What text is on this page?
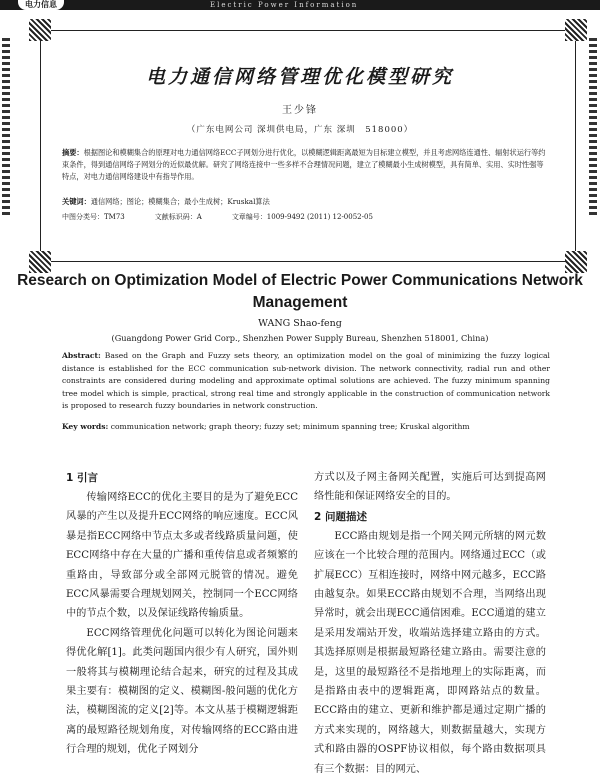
电力信息	Electric Power Information
电力通信网络管理优化模型研究
王少锋
（广东电网公司 深圳供电局，广东 深圳　518000）
摘要：根据图论和模糊集合的原理对电力通信网络ECC子网划分进行优化，以模糊逻辑距离最短为目标建立模型，并且考虑网络连通性、辐射状运行等约束条件，得到通信网络子网划分的近似最优解。研究了网络连接中一些多样不合理情况问题，建立了模糊最小生成树模型，具有简单、实用、实时性强等特点，对电力通信网络建设中有指导作用。
关键词：通信网络；图论；模糊集合；最小生成树；Kruskal算法
中图分类号：TM73	文献标识码：A	文章编号：1009-9492 (2011) 12-0052-05
Research on Optimization Model of Electric Power Communications Network Management
WANG Shao-feng
(Guangdong Power Grid Corp., Shenzhen Power Supply Bureau, Shenzhen 518001, China)
Abstract: Based on the Graph and Fuzzy sets theory, an optimization model on the goal of minimizing the fuzzy logical distance is established for the ECC communication sub-network division. The network connectivity, radial run and other constraints are considered during modeling and approximate optimal solutions are achieved. The fuzzy minimum spanning tree model which is simple, practical, strong real time and strongly applicable in the construction of communication network is proposed to research fuzzy boundaries in network construction.
Key words: communication network; graph theory; fuzzy set; minimum spanning tree; Kruskal algorithm
1 引言

传输网络ECC的优化主要目的是为了避免ECC风暴的产生以及提升ECC网络的响应速度。ECC风暴是指ECC网络中节点太多或者线路质量问题，使ECC网络中存在大量的广播和重传信息或者频繁的重路由，导致部分或全部网元脱管的情况。避免ECC风暴需要合理规划网关，控制同一个ECC网络中的节点个数，以及保证线路传输质量。

ECC网络管理优化问题可以转化为图论问题来得优化解[1]。此类问题国内很少有人研究，国外则一般将其与模糊理论结合起来，研究的过程及其成果主要有：模糊图的定义、模糊图-般问题的优化方法，模糊图流的定义[2]等。本文从基于模糊逻辑距离的最短路径规划角度，对传输网络的ECC路由进行合理的规划，优化子网划分

方式以及子网主备网关配置，实施后可达到提高网络性能和保证网络安全的目的。

2 问题描述

ECC路由规划是指一个网关网元所辖的网元数应该在一个比较合理的范围内。网络通过ECC（或扩展ECC）互相连接时，网络中网元越多，ECC路由越复杂。如果ECC路由规划不合理，当网络出现异常时，就会出现ECC通信困难。ECC通道的建立是采用发端站开发，收端站选择建立路由的方式。其选择原则是根据最短路径建立路由。需要注意的是，这里的最短路径不是指地理上的实际距离，而是指路由表中的逻辑距离，即网路站点的数量。ECC路由的建立、更新和维护都是通过定期广播的方式来实现的，网络越大，则数据量越大，实现方式和路由器的OSPF协议相似，每个路由数据项具有三个数据：目的网元、
